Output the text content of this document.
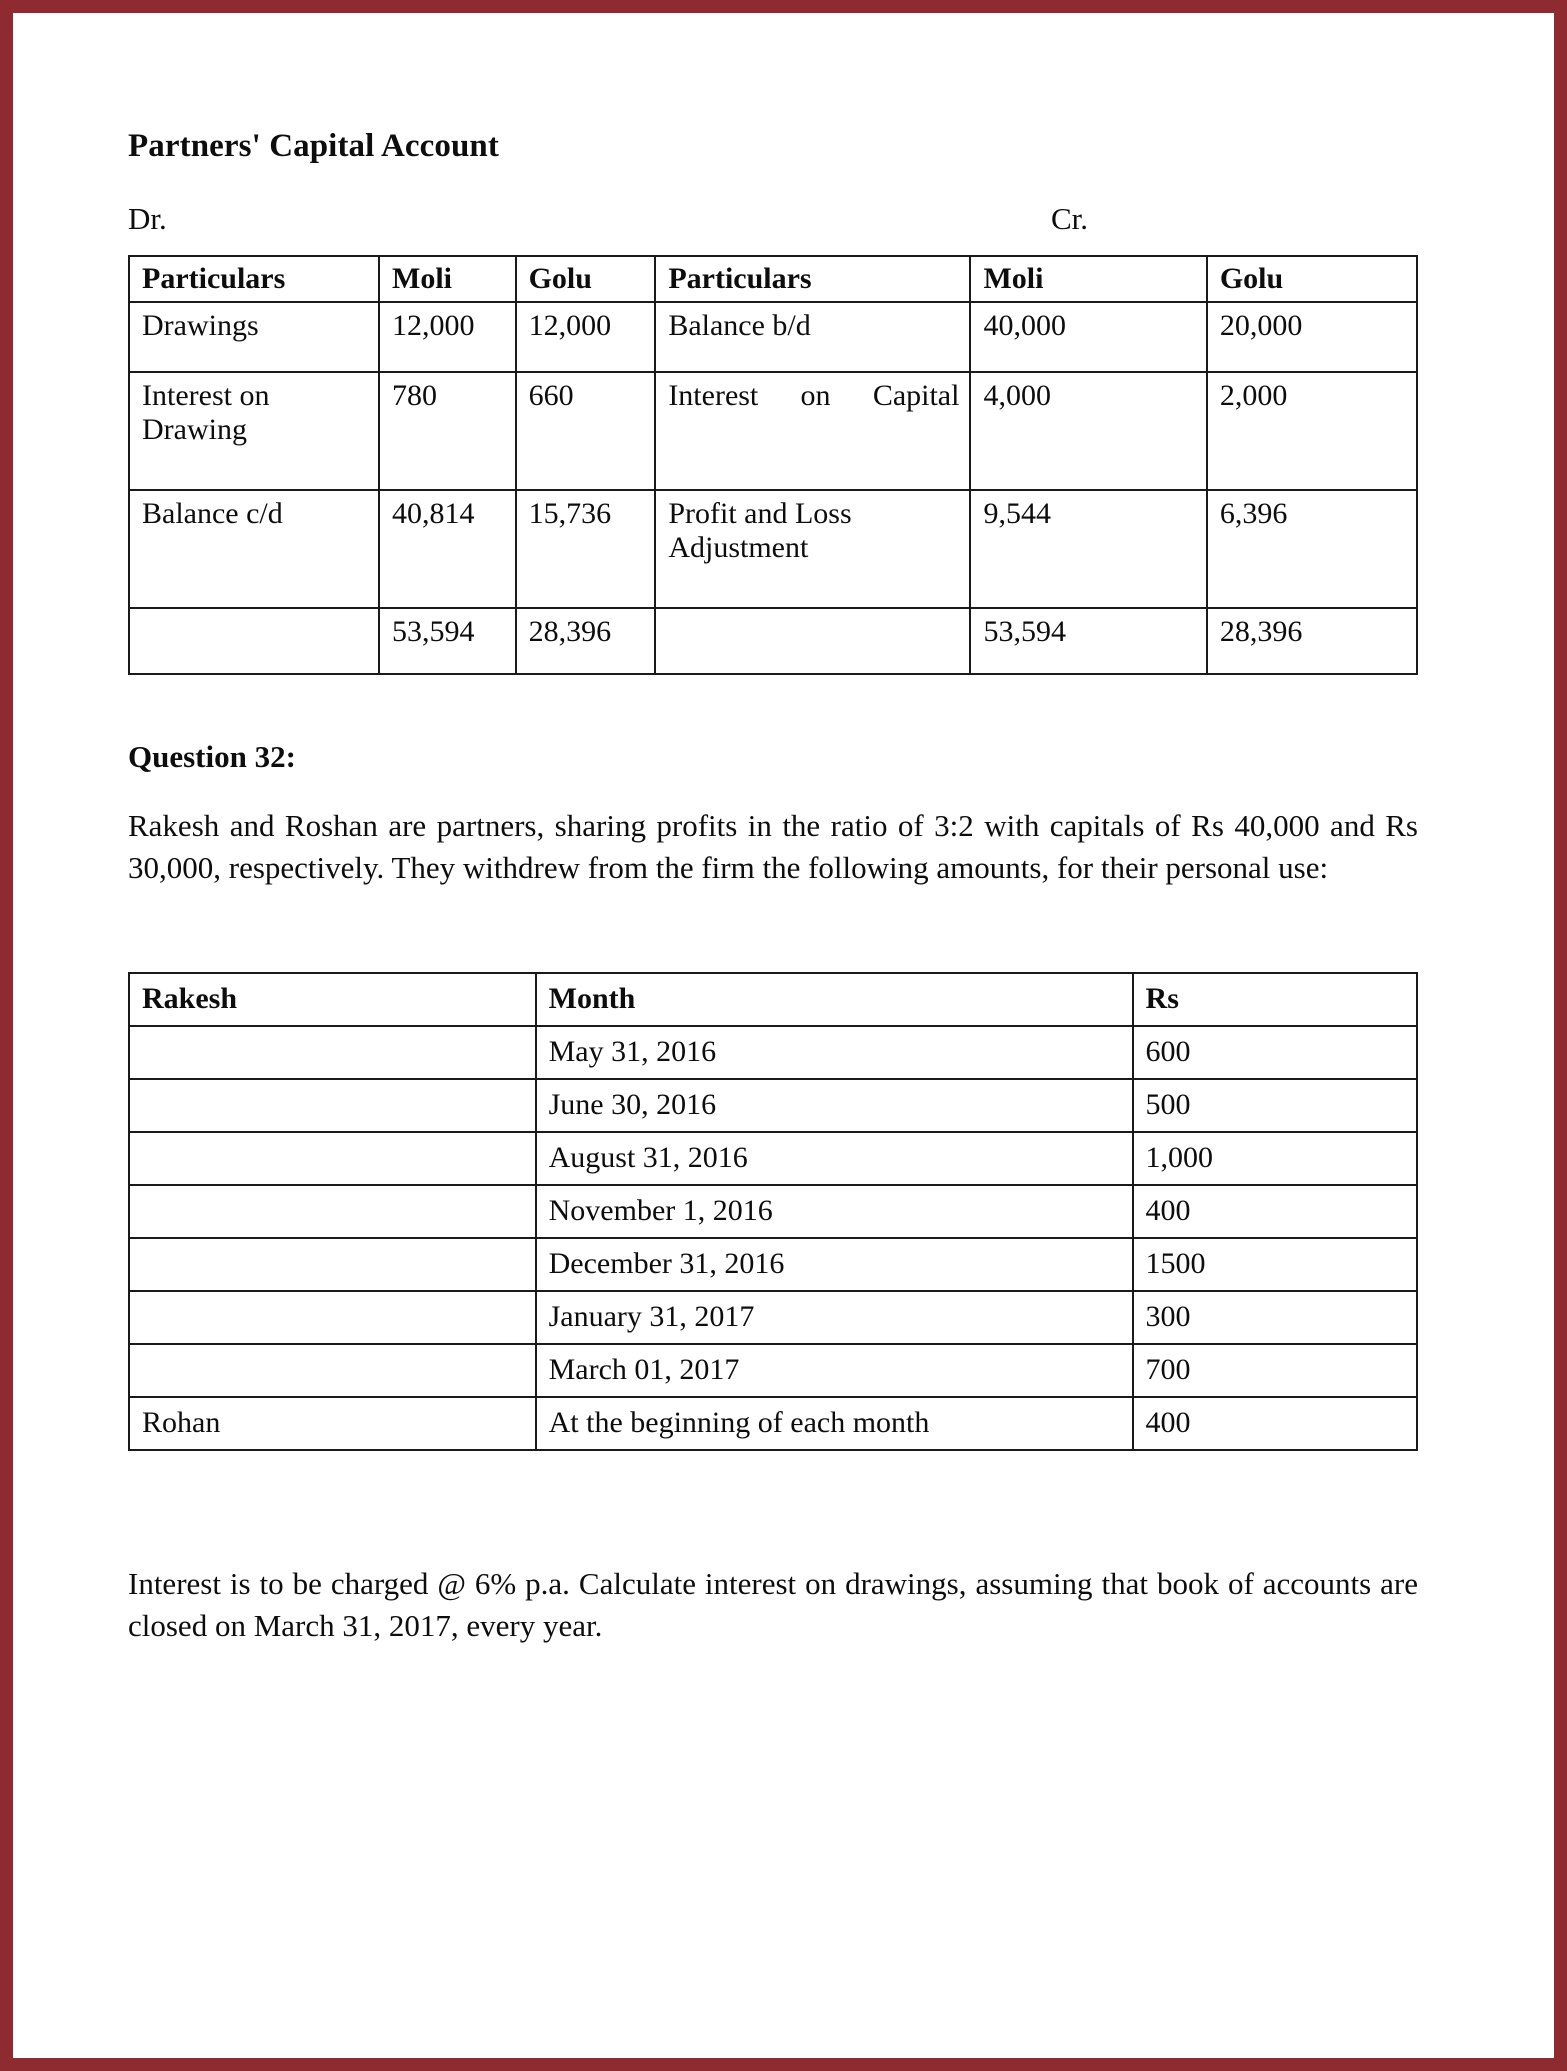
Partners' Capital Account
Dr.	Cr.
Particulars	Moli	Golu	Particulars	Moli	Golu
Drawings	12,000	12,000	Balance b/d	40,000	20,000
Interest on Drawing	780	660	Interest on Capital	4,000	2,000
Balance c/d	40,814	15,736	Profit and Loss Adjustment	9,544	6,396
	53,594	28,396		53,594	28,396
Question 32:

Rakesh and Roshan are partners, sharing profits in the ratio of 3:2 with capitals of Rs 40,000 and Rs 30,000, respectively. They withdrew from the firm the following amounts, for their personal use:

Rakesh	Month	Rs
	May 31, 2016	600
	June 30, 2016	500
	August 31, 2016	1,000
	November 1, 2016	400
	December 31, 2016	1500
	January 31, 2017	300
	March 01, 2017	700
Rohan	At the beginning of each month	400

Interest is to be charged @ 6% p.a. Calculate interest on drawings, assuming that book of accounts are closed on March 31, 2017, every year.
